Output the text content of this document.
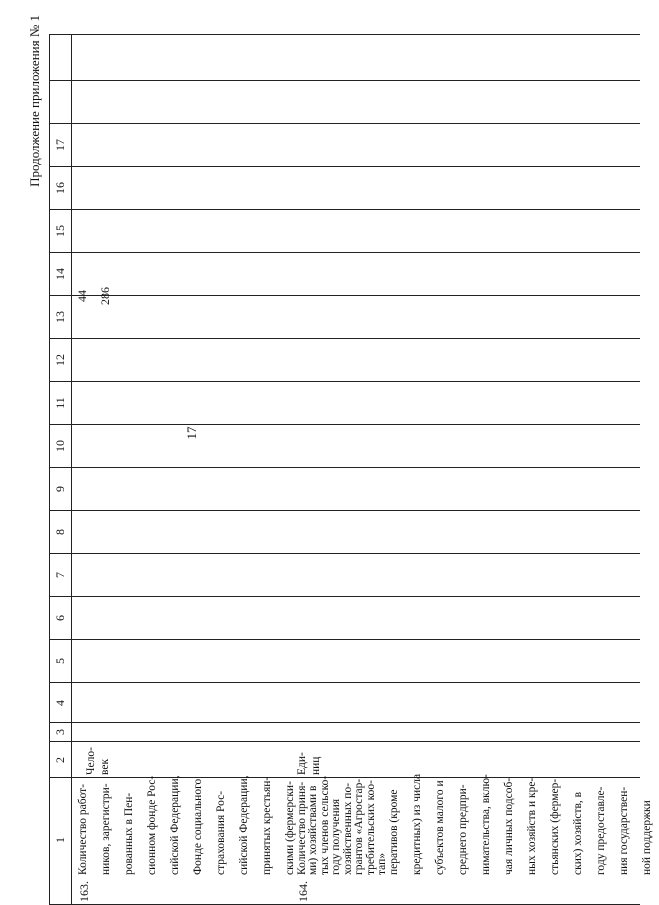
17
Продолжение приложения № 1
1
2
3
4
5
6
7
8
9
10
11
12
13
14
15
16
17
163.
Количество работ- ников, зарегистри- рованных в Пен- сионном фонде Рос- сийской Федерации, Фонде социального страхования Рос- сийской Федерации, принятых крестьян- скими (фермерски- ми) хозяйствами в году получения грантов «Агростар- тап»
Чело- век
44
164.
Количество приня- тых членов сельско- хозяйственных по- требительских коо- перативов (кроме кредитных) из числа субъектов малого и среднего предпри- нимательства, вклю- чая личных подсоб- ных хозяйств и кре- стьянских (фермер- ских) хозяйств, в году предоставле- ния государствен- ной поддержки
Еди- ниц
286
